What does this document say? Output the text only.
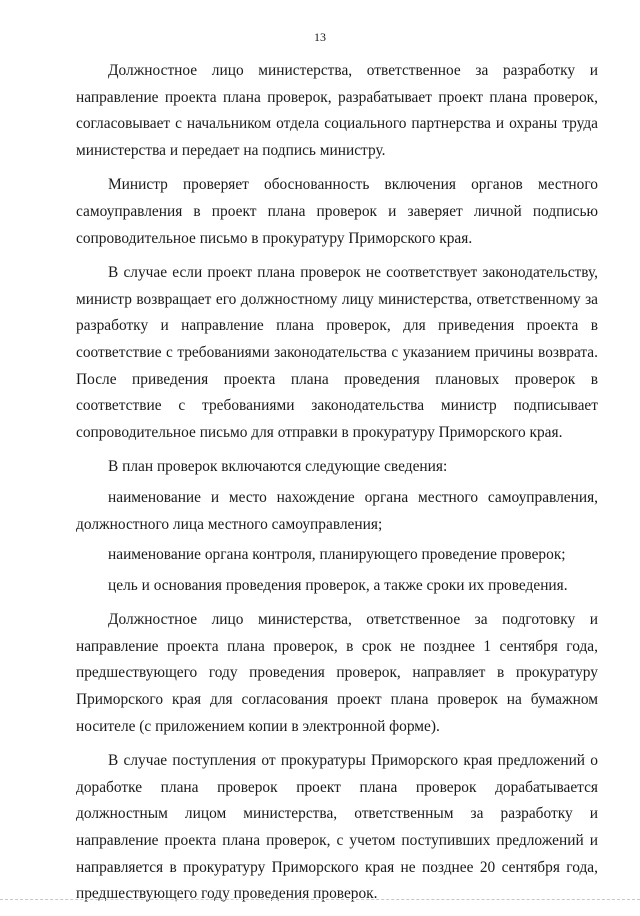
13

Должностное лицо министерства, ответственное за разработку и направление проекта плана проверок, разрабатывает проект плана проверок, согласовывает с начальником отдела социального партнерства и охраны труда министерства и передает на подпись министру.

Министр проверяет обоснованность включения органов местного самоуправления в проект плана проверок и заверяет личной подписью сопроводительное письмо в прокуратуру Приморского края.

В случае если проект плана проверок не соответствует законодательству, министр возвращает его должностному лицу министерства, ответственному за разработку и направление плана проверок, для приведения проекта в соответствие с требованиями законодательства с указанием причины возврата. После приведения проекта плана проведения плановых проверок в соответствие с требованиями законодательства министр подписывает сопроводительное письмо для отправки в прокуратуру Приморского края.

В план проверок включаются следующие сведения:

наименование и место нахождение органа местного самоуправления, должностного лица местного самоуправления;

наименование органа контроля, планирующего проведение проверок;

цель и основания проведения проверок, а также сроки их проведения.

Должностное лицо министерства, ответственное за подготовку и направление проекта плана проверок, в срок не позднее 1 сентября года, предшествующего году проведения проверок, направляет в прокуратуру Приморского края для согласования проект плана проверок на бумажном носителе (с приложением копии в электронной форме).

В случае поступления от прокуратуры Приморского края предложений о доработке плана проверок проект плана проверок дорабатывается должностным лицом министерства, ответственным за разработку и направление проекта плана проверок, с учетом поступивших предложений и направляется в прокуратуру Приморского края не позднее 20 сентября года, предшествующего году проведения проверок.
